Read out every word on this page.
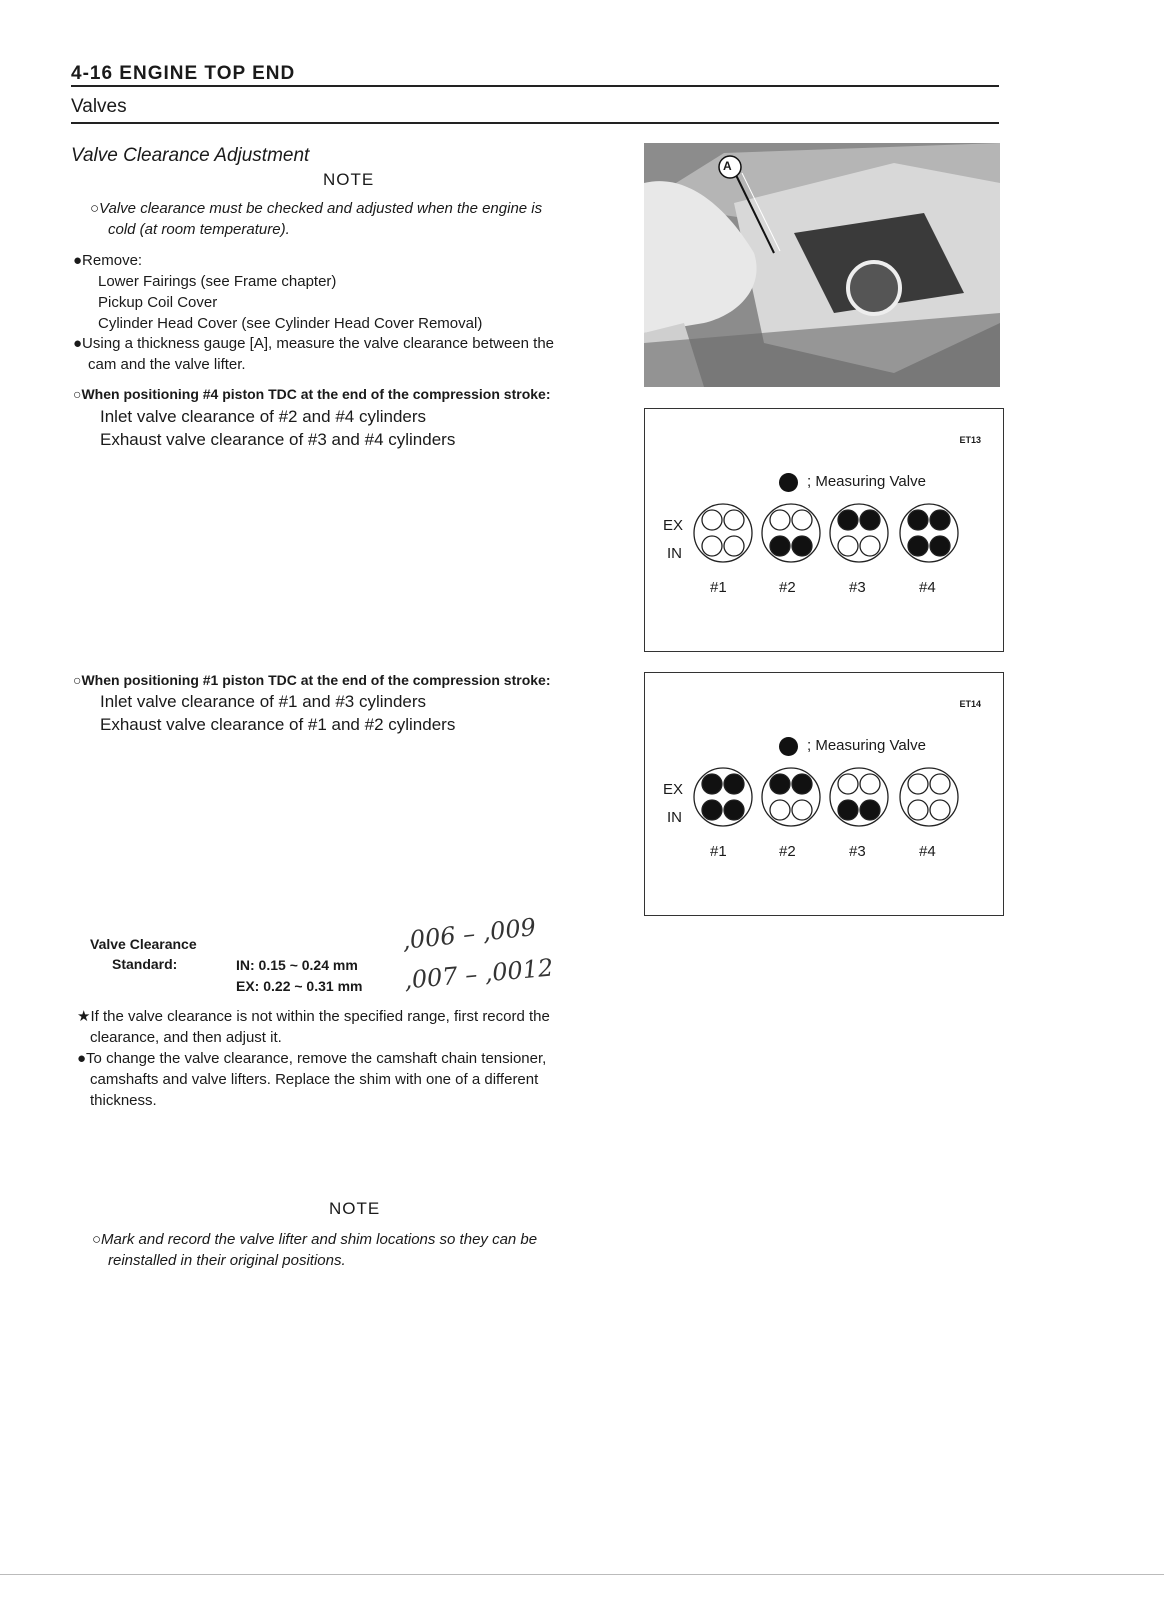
4-16 ENGINE TOP END
Valves
Valve Clearance Adjustment
NOTE
○Valve clearance must be checked and adjusted when the engine is
cold (at room temperature).
●Remove:
Lower Fairings (see Frame chapter)
Pickup Coil Cover
Cylinder Head Cover (see Cylinder Head Cover Removal)
●Using a thickness gauge [A], measure the valve clearance between the
cam and the valve lifter.
○When positioning #4 piston TDC at the end of the compression stroke:
Inlet valve clearance of #2 and #4 cylinders
Exhaust valve clearance of #3 and #4 cylinders
○When positioning #1 piston TDC at the end of the compression stroke:
Inlet valve clearance of #1 and #3 cylinders
Exhaust valve clearance of #1 and #2 cylinders
A
ET13
; Measuring Valve
EX
IN
#1	#2	#3	#4
ET14
; Measuring Valve
EX
IN
#1	#2	#3	#4
Valve Clearance
Standard:	IN: 0.15 ~ 0.24 mm
EX: 0.22 ~ 0.31 mm
,006 – ,009
,007 – ,0012
★If the valve clearance is not within the specified range, first record the
clearance, and then adjust it.
●To change the valve clearance, remove the camshaft chain tensioner,
camshafts and valve lifters. Replace the shim with one of a different
thickness.
NOTE
○Mark and record the valve lifter and shim locations so they can be
reinstalled in their original positions.
